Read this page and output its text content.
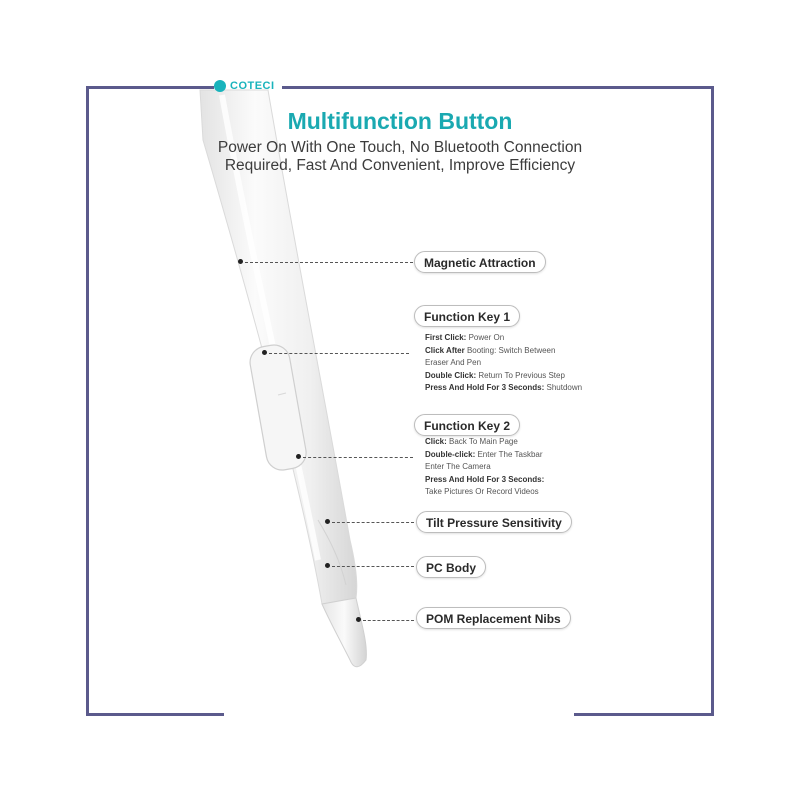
COTECI
Multifunction Button
Power On With One Touch, No Bluetooth Connection
Required, Fast And Convenient, Improve Efficiency
Magnetic Attraction
Function Key 1
First Click: Power On
Click After Booting: Switch Between
Eraser And Pen
Double Click: Return To Previous Step
Press And Hold For 3 Seconds: Shutdown
Function Key 2
Click: Back To Main Page
Double-click: Enter The Taskbar
Enter The Camera
Press And Hold For 3 Seconds:
Take Pictures Or Record Videos
Tilt Pressure Sensitivity
PC Body
POM Replacement Nibs
